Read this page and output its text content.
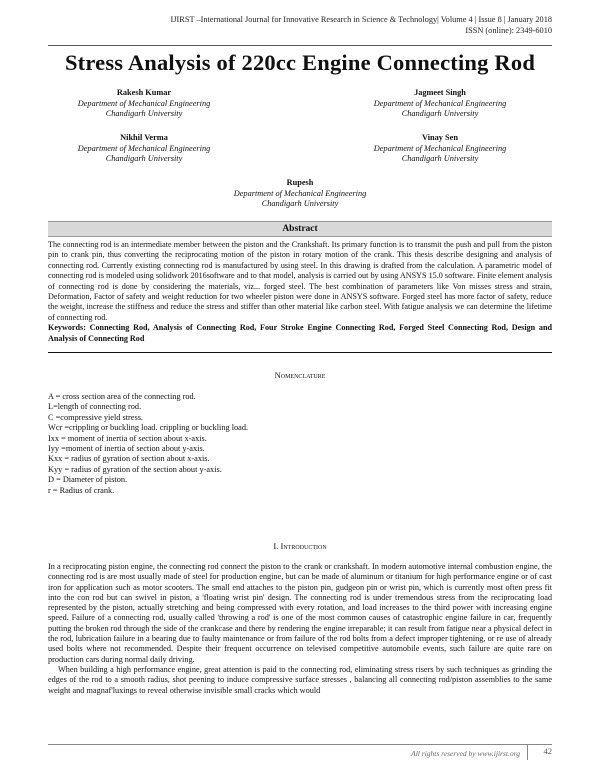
IJIRST –International Journal for Innovative Research in Science & Technology| Volume 4 | Issue 8 | January 2018
ISSN (online): 2349-6010
Stress Analysis of 220cc Engine Connecting Rod
Rakesh Kumar
Department of Mechanical Engineering
Chandigarh University
Jagmeet Singh
Department of Mechanical Engineering
Chandigarh University
Nikhil Verma
Department of Mechanical Engineering
Chandigarh University
Vinay Sen
Department of Mechanical Engineering
Chandigarh University
Rupesh
Department of Mechanical Engineering
Chandigarh University
Abstract
The connecting rod is an intermediate member between the piston and the Crankshaft. Its primary function is to transmit the push and pull from the piston pin to crank pin, thus converting the reciprocating motion of the piston in rotary motion of the crank. This thesis describe designing and analysis of connecting rod. Currently existing connecting rod is manufactured by using steel. In this drawing is drafted from the calculation. A parametric model of connecting rod is modeled using solidwork 2016software and to that model, analysis is carried out by using ANSYS 15.0 software. Finite element analysis of connecting rod is done by considering the materials, viz... forged steel. The best combination of parameters like Von misses stress and strain, Deformation, Factor of safety and weight reduction for two wheeler piston were done in ANSYS software. Forged steel has more factor of safety, reduce the weight, increase the stiffness and reduce the stress and stiffer than other material like carbon steel. With fatigue analysis we can determine the lifetime of connecting rod.
Keywords: Connecting Rod, Analysis of Connecting Rod, Four Stroke Engine Connecting Rod, Forged Steel Connecting Rod, Design and Analysis of Connecting Rod
Nomenclature
A = cross section area of the connecting rod.
L=length of connecting rod.
C =compressive yield stress.
Wcr =crippling or buckling load. crippling or buckling load.
Ixx = moment of inertia of section about x-axis.
Iyy =moment of inertia of section about y-axis.
Kxx = radius of gyration of section about x-axis.
Kyy = radius of gyration of the section about y-axis.
D = Diameter of piston.
r = Radius of crank.
I. Introduction

In a reciprocating piston engine, the connecting rod connect the piston to the crank or crankshaft. In modern automotive internal combustion engine, the connecting rod is are most usually made of steel for production engine, but can be made of aluminum or titanium for high performance engine or of cast iron for application such as motor scooters. The small end attaches to the piston pin, gudgeon pin or wrist pin, which is currently most often press fit into the con rod but can swivel in piston, a 'floating wrist pin' design. The connecting rod is under tremendous stress from the reciprocating load represented by the piston, actually stretching and being compressed with every rotation, and load increases to the third power with increasing engine speed. Failure of a connecting rod, usually called 'throwing a rod' is one of the most common causes of catastrophic engine failure in car, frequently putting the broken rod through the side of the crankcase and there by rendering the engine irreparable; it can result from fatigue near a physical defect in the rod, lubrication failure in a bearing due to faulty maintenance or from failure of the rod bolts from a defect improper tightening, or re use of already used bolts where not recommended. Despite their frequent occurrence on televised competitive automobile events, such failure are quite rare on production cars during normal daily driving.

When building a high performance engine, great attention is paid to the connecting rod, eliminating stress risers by such techniques as grinding the edges of the rod to a smooth radius, shot peening to induce compressive surface stresses , balancing all connecting rod/piston assemblies to the same weight and magnaf'luxings to reveal otherwise invisible small cracks which would

All rights reserved by www.ijirst.org	42
